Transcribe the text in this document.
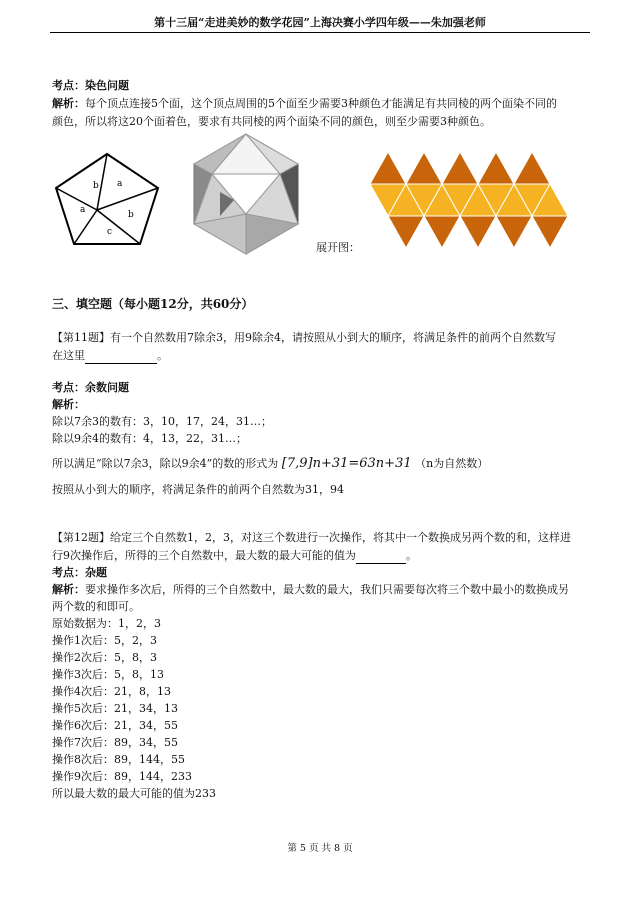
第十三届“走进美妙的数学花园”上海决赛小学四年级——朱加强老师
考点：染色问题
解析：每个顶点连接5个面，这个顶点周围的5个面至少需要3种颜色才能满足有共同棱的两个面染不同的
颜色，所以将这20个面着色，要求有共同棱的两个面染不同的颜色，则至少需要3种颜色。
b a
a	b
c
展开图：
三、填空题（每小题12分，共60分）
【第11题】有一个自然数用7除余3，用9除余4，请按照从小到大的顺序，将满足条件的前两个自然数写
在这里	。
考点：余数问题
解析：
除以7余3的数有：3，10，17，24，31…；
除以9余4的数有：4，13，22，31…；
所以满足“除以7余3，除以9余4”的数的形式为 [7,9]n+31=63n+31 （n为自然数）
按照从小到大的顺序，将满足条件的前两个自然数为31，94
【第12题】给定三个自然数1，2，3，对这三个数进行一次操作，将其中一个数换成另两个数的和，这样进
行9次操作后，所得的三个自然数中，最大数的最大可能的值为	。
考点：杂题
解析：要求操作多次后，所得的三个自然数中，最大数的最大，我们只需要每次将三个数中最小的数换成另
两个数的和即可。
原始数据为：1，2，3
操作1次后：5，2，3
操作2次后：5，8，3
操作3次后：5，8，13
操作4次后：21，8，13
操作5次后：21，34，13
操作6次后：21，34，55
操作7次后：89，34，55
操作8次后：89，144，55
操作9次后：89，144，233
所以最大数的最大可能的值为233
第 5 页 共 8 页
